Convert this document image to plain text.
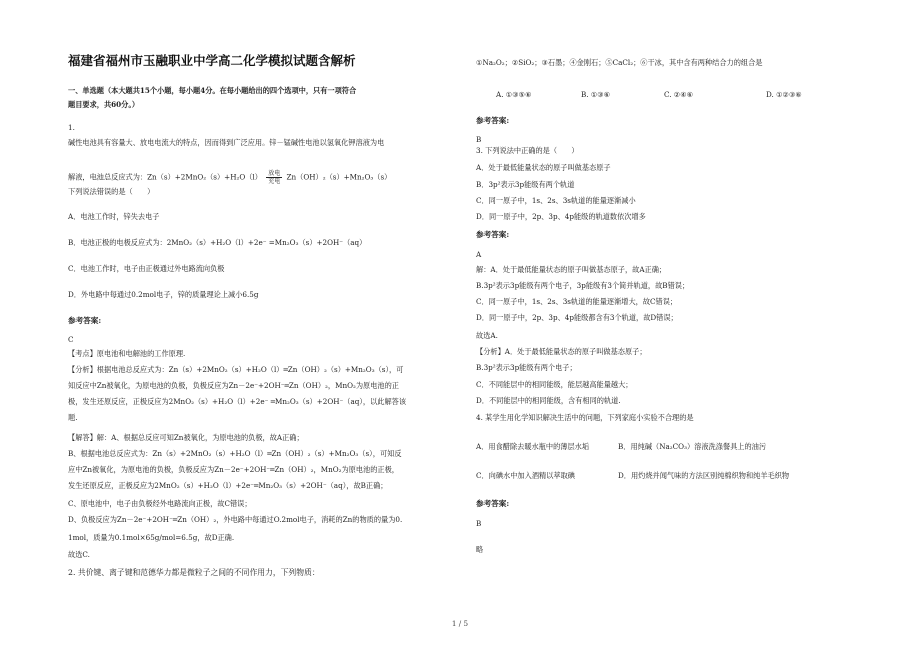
福建省福州市玉融职业中学高二化学模拟试题含解析
一、单选题（本大题共15个小题，每小题4分。在每小题给出的四个选项中，只有一项符合
题目要求，共60分。）
1.
碱性电池具有容量大、放电电流大的特点，因而得到广泛应用。锌－锰碱性电池以氢氧化钾溶液为电
解液，电池总反应式为：$Zn(s)+2MnO_2(s)+H_2O(l) \frac{\text{放电}}{\text{充电}} Zn(OH)_2(s)+Mn_2O_3(s)$
下列说法错误的是（　　）
A．电池工作时，锌失去电子
B．电池正极的电极反应式为：2MnO₂（s）+H₂O（l）+2e⁻ =Mn₂O₃（s）+2OH⁻（aq）
C．电池工作时，电子由正极通过外电路流向负极
D．外电路中每通过0.2mol电子，锌的质量理论上减小6.5g
参考答案:
C
【考点】原电池和电解池的工作原理.
【分析】根据电池总反应式为：Zn（s）+2MnO₂（s）+H₂O（l）═Zn（OH）₂（s）+Mn₂O₃（s），可
知反应中Zn被氧化，为原电池的负极，负极反应为Zn－2e⁻+2OH⁻═Zn（OH）₂，MnO₂为原电池的正
极，发生还原反应，正极反应为2MnO₂（s）+H₂O（l）+2e⁻ ═Mn₂O₃（s）+2OH⁻（aq），以此解答该
题.
【解答】解：A、根据总反应可知Zn被氧化，为原电池的负极，故A正确；
B、根据电池总反应式为：Zn（s）+2MnO₂（s）+H₂O（l）═Zn（OH）₂（s）+Mn₂O₃（s），可知反
应中Zn被氧化，为原电池的负极，负极反应为Zn－2e⁻+2OH⁻═Zn（OH）₂，MnO₂为原电池的正极，
发生还原反应，正极反应为2MnO₂（s）+H₂O（l）+2e⁻═Mn₂O₃（s）+2OH⁻（aq），故B正确；
C、原电池中，电子由负极经外电路流向正极，故C错误；
D、负极反应为Zn－2e⁻+2OH⁻═Zn（OH）₂，外电路中每通过O.2mol电子，消耗的Zn的物质的量为0.
1mol，质量为0.1mol×65g/mol=6.5g，故D正确.
故选C.
2. 共价键、离子键和范德华力都是微粒子之间的不同作用力，下列物质：
①Na₂O₂；②SiO₂；③石墨；④金刚石；⑤CaCl₂；⑥干冰，其中含有两种结合力的组合是
A. ①③⑤⑥	B. ①③⑥	C. ②④⑥	D. ①②③⑥
参考答案:
B
3. 下列说法中正确的是（　　）
A．处于最低能量状态的原子叫做基态原子
B．3p²表示3p能级有两个轨道
C．同一原子中，1s、2s、3s轨道的能量逐渐减小
D．同一原子中，2p、3p、4p能级的轨道数依次增多
参考答案:
A
解：A．处于最低能量状态的原子叫做基态原子，故A正确；
B.3p²表示3p能级有两个电子，3p能级有3个简并轨道，故B错误；
C．同一原子中，1s、2s、3s轨道的能量逐渐增大，故C错误；
D．同一原子中，2p、3p、4p能级都含有3个轨道，故D错误；
故选A.
【分析】A．处于最低能量状态的原子叫做基态原子；
B.3p²表示3p能级有两个电子；
C．不同能层中的相同能级，能层越高能量越大；
D．不同能层中的相同能级，含有相同的轨道.
4. 某学生用化学知识解决生活中的问题，下列家庭小实验不合理的是
A．用食醋除去暖水瓶中的薄层水垢	B．用纯碱（Na₂CO₃）溶液洗涤餐具上的油污
C．向碘水中加入酒精以萃取碘	D．用灼烧并闻气味的方法区别纯棉织物和纯羊毛织物
参考答案:
B
略
1 / 5
